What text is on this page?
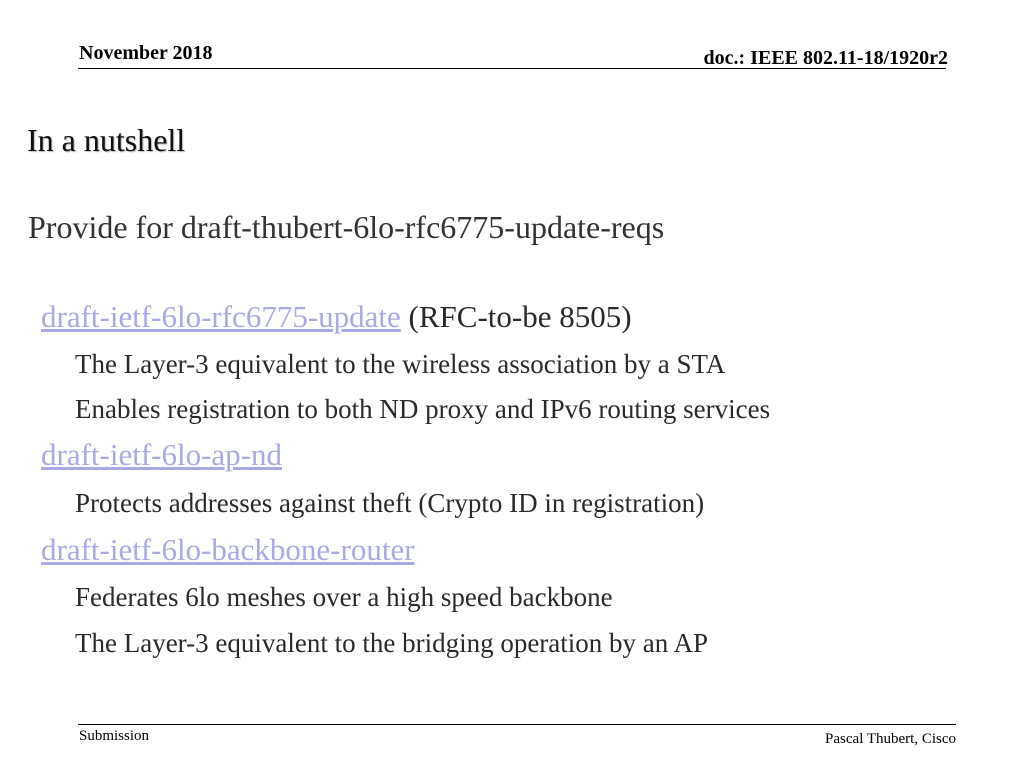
November 2018	doc.: IEEE 802.11-18/1920r2
In a nutshell
Provide for draft-thubert-6lo-rfc6775-update-reqs
draft-ietf-6lo-rfc6775-update (RFC-to-be 8505)
The Layer-3 equivalent to the wireless association by a STA
Enables registration to both ND proxy and IPv6 routing services
draft-ietf-6lo-ap-nd
Protects addresses against theft (Crypto ID in registration)
draft-ietf-6lo-backbone-router
Federates 6lo meshes over a high speed backbone
The Layer-3 equivalent to the bridging operation by an AP
Submission	Pascal Thubert, Cisco
